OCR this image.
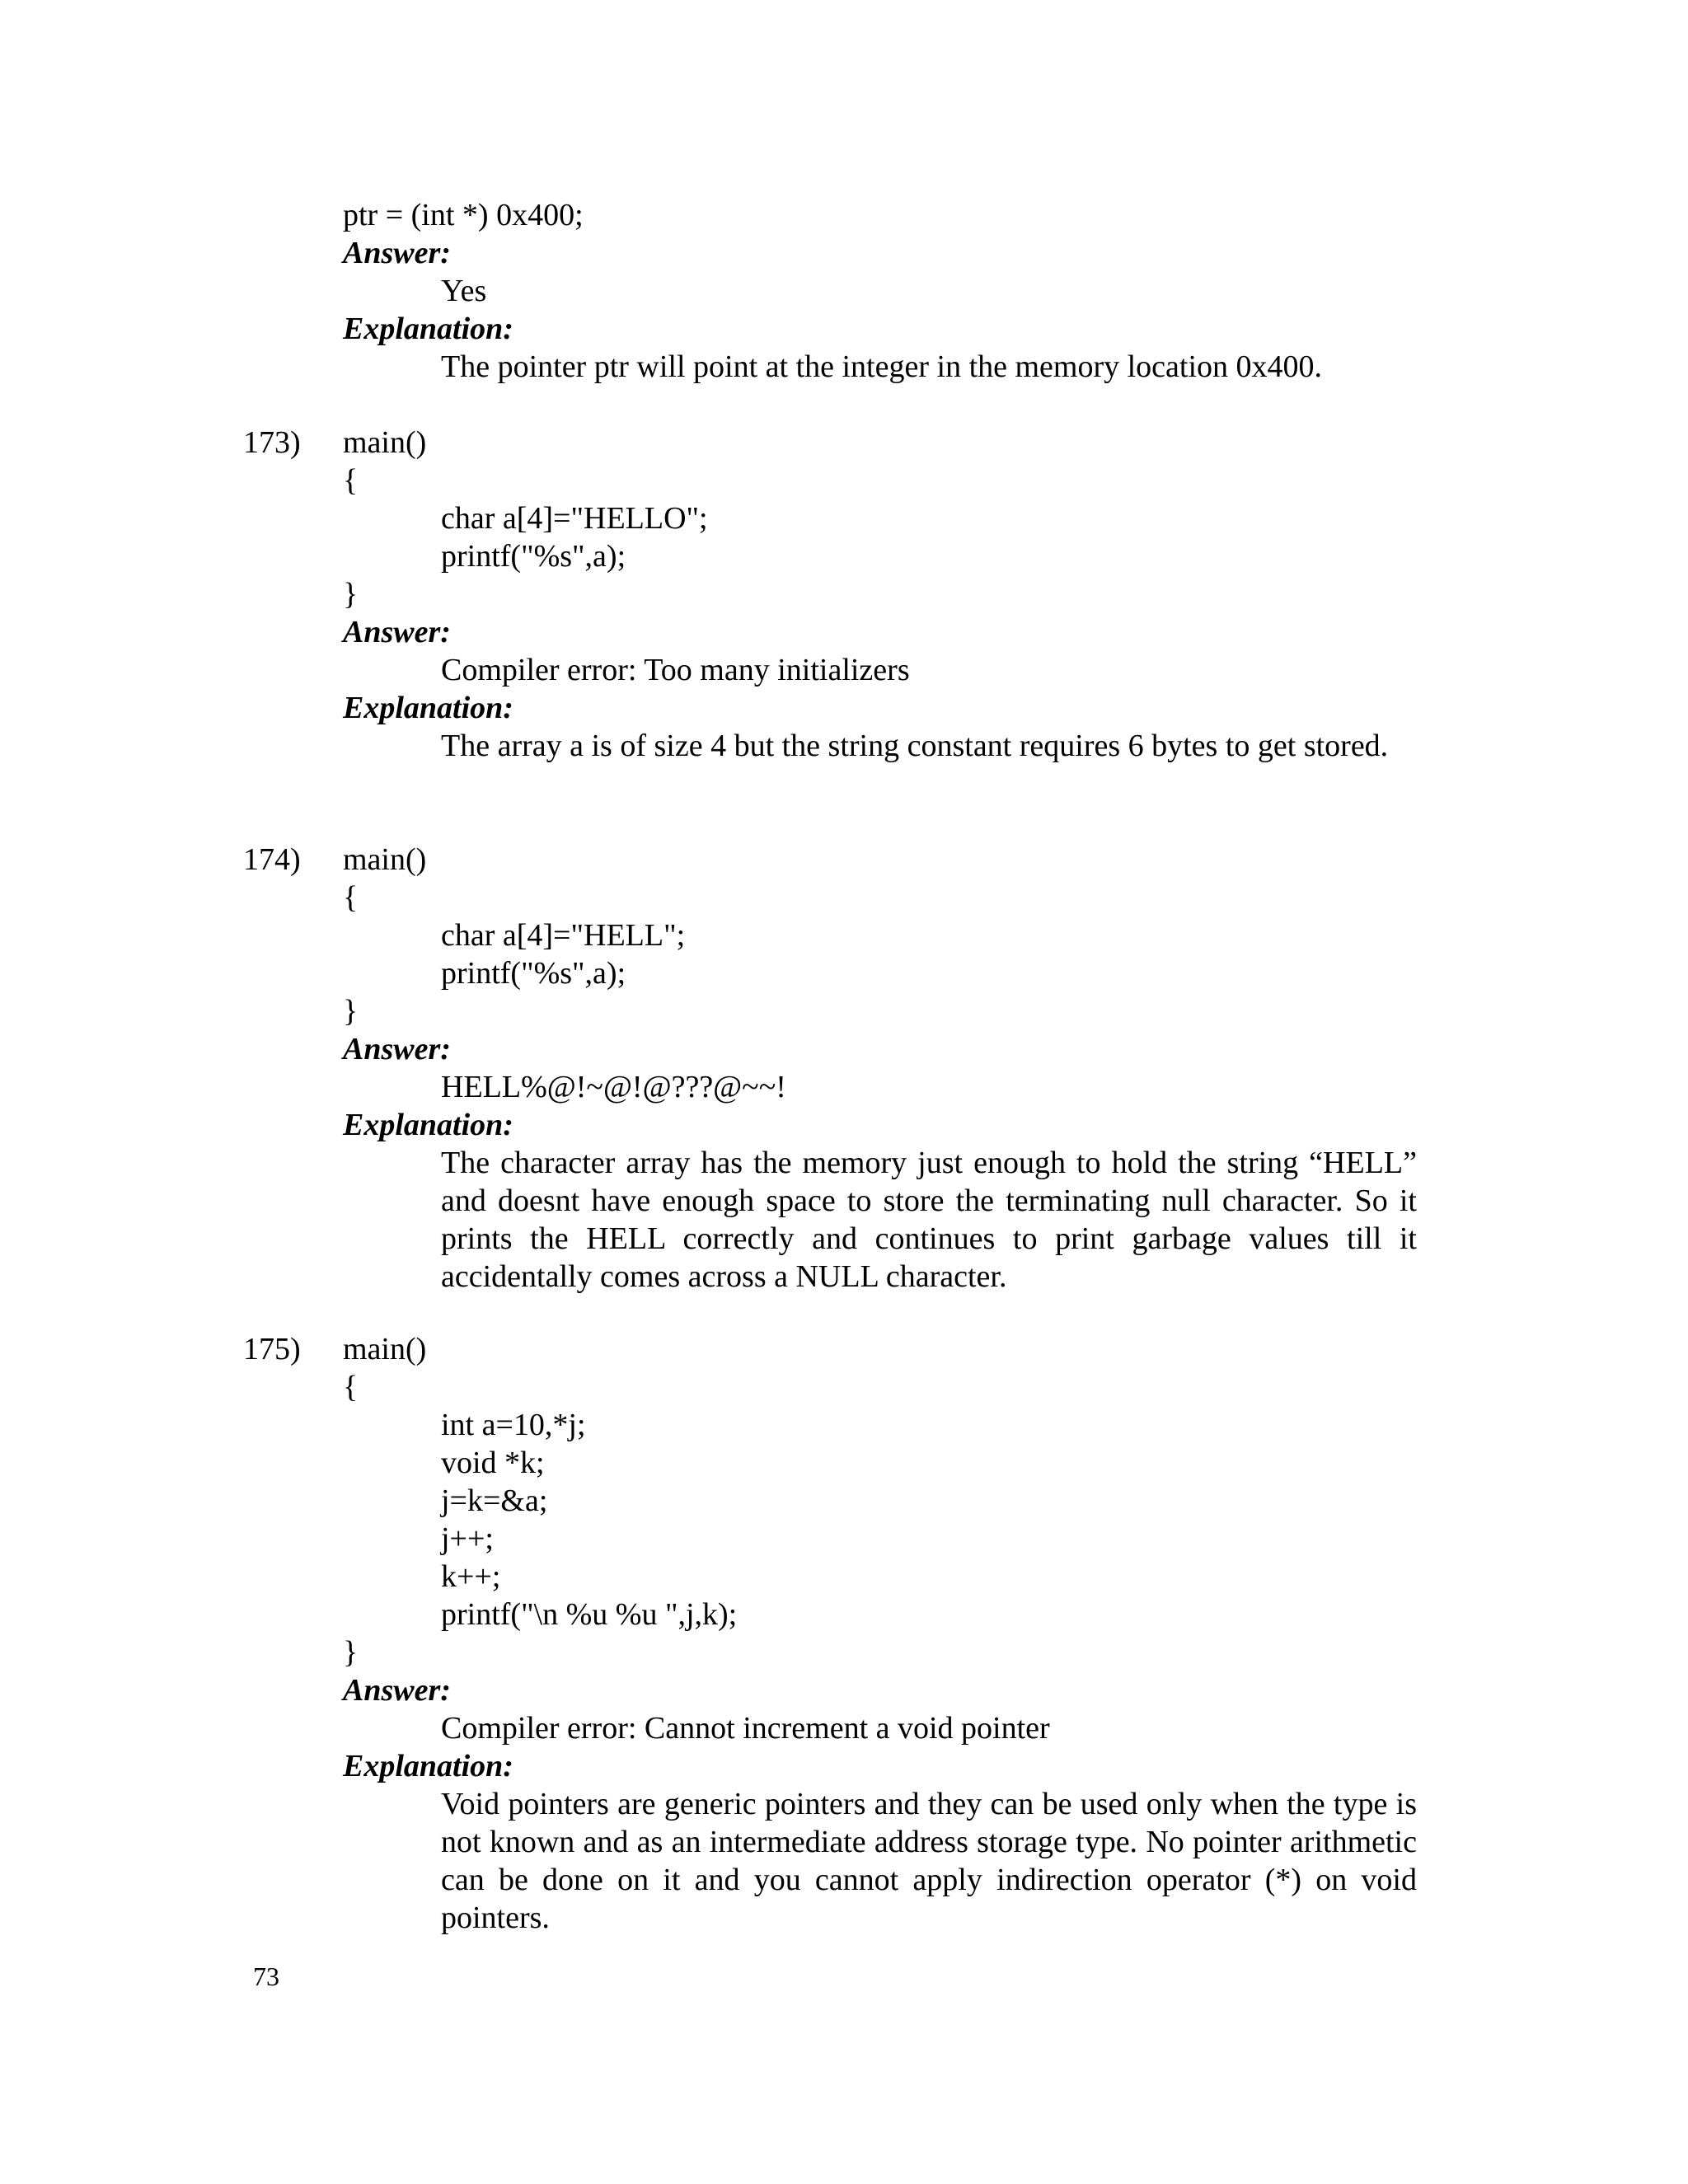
ptr = (int *) 0x400;

Answer:

Yes

Explanation:

The pointer ptr will point at the integer in the memory location 0x400.

173) main()

{

char a[4]="HELLO";

printf("%s",a);

}

Answer:

Compiler error: Too many initializers

Explanation:

The array a is of size 4 but the string constant requires 6 bytes to get stored.

174) main()

{

char a[4]="HELL";

printf("%s",a);

}

Answer:

HELL%@!~@!@???@~~!

Explanation:

The character array has the memory just enough to hold the string “HELL” and doesnt have enough space to store the terminating null character. So it prints the HELL correctly and continues to print garbage values till it     accidentally comes across a NULL character.

175) main()

{

int a=10,*j;

void *k;

j=k=&a;

j++;

k++;

printf("\n %u %u ",j,k);

}

Answer:

Compiler error: Cannot increment a void pointer

Explanation:

Void pointers are generic pointers and they can be used only when the type is not known and as an intermediate address storage type. No pointer arithmetic can be done on it and you cannot apply indirection operator (*) on void pointers.

73
